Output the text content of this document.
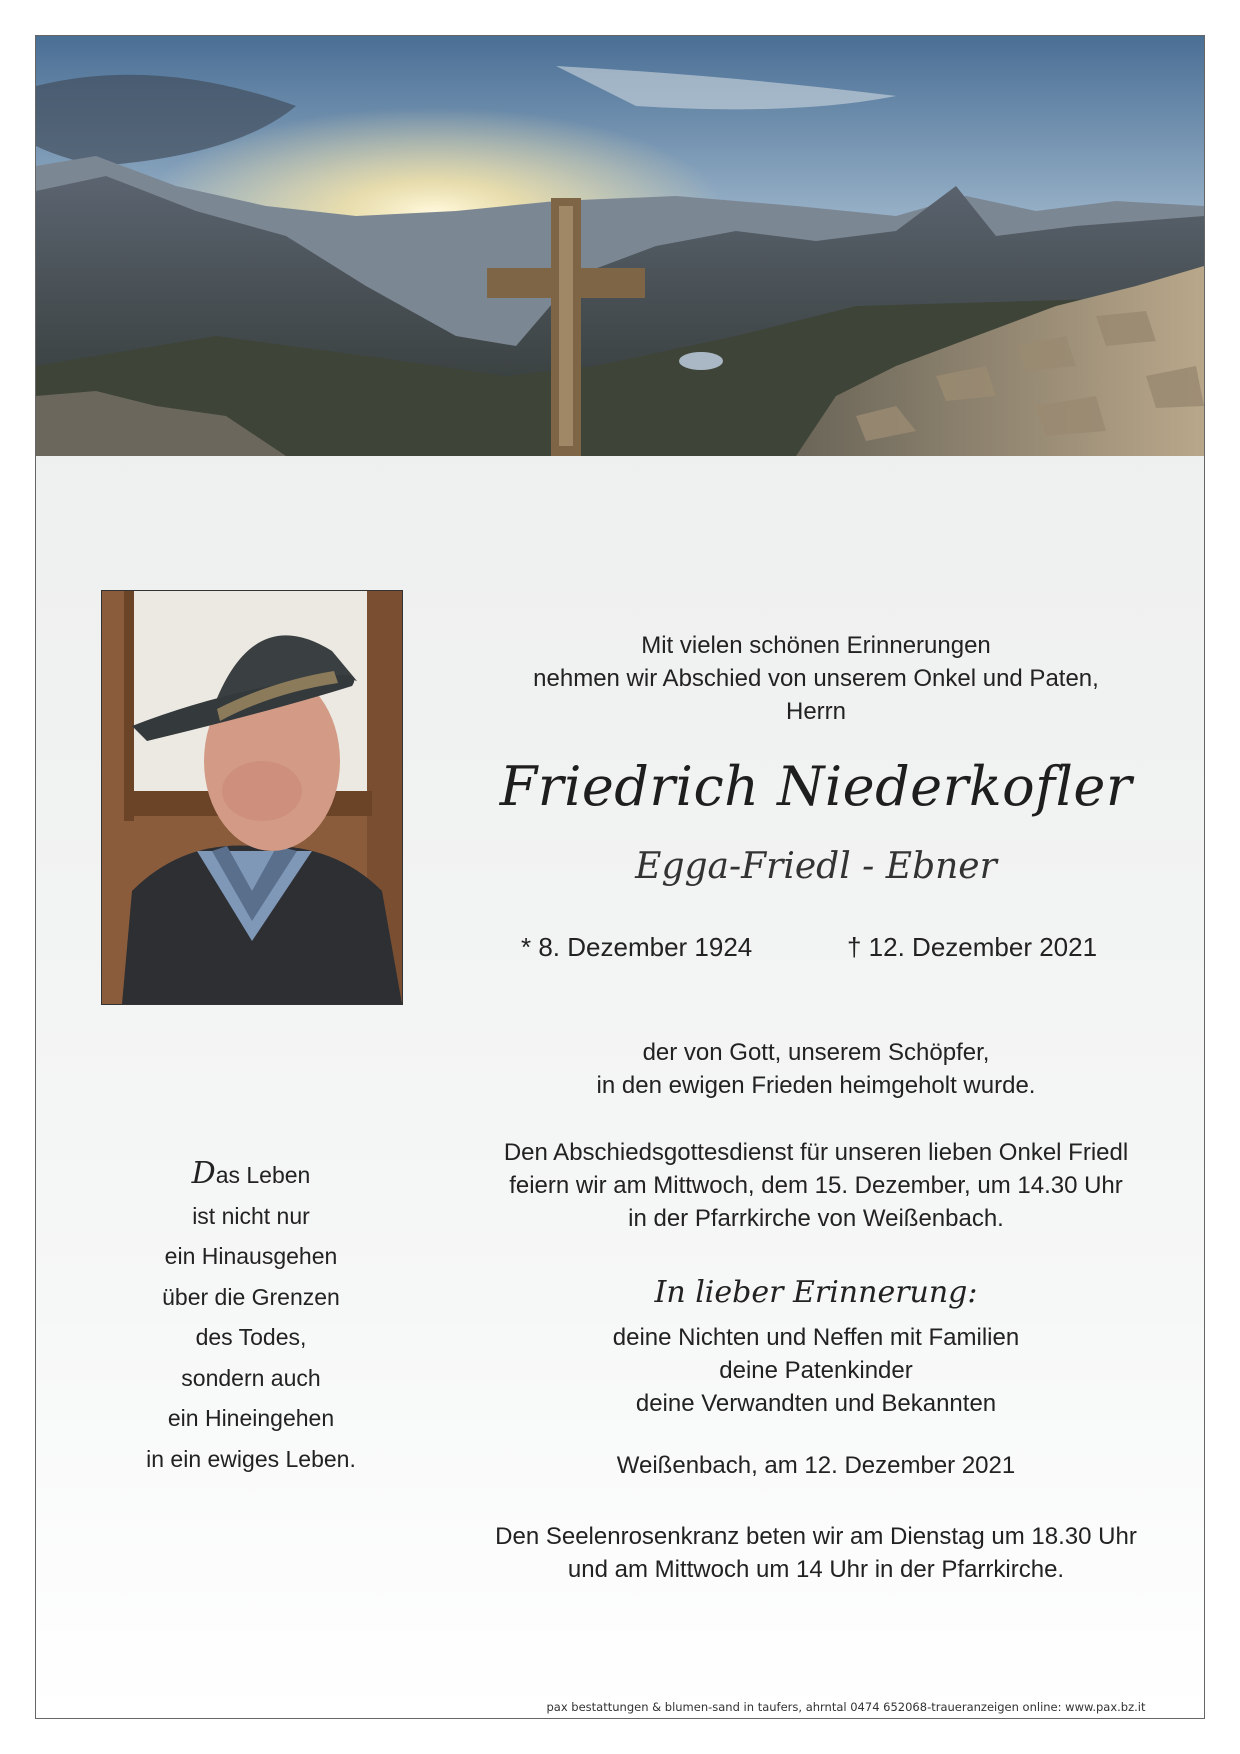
Mit vielen schönen Erinnerungen
nehmen wir Abschied von unserem Onkel und Paten,
Herrn
Friedrich Niederkofler
Egga-Friedl - Ebner
* 8. Dezember 1924	† 12. Dezember 2021
der von Gott, unserem Schöpfer,
in den ewigen Frieden heimgeholt wurde.
Den Abschiedsgottesdienst für unseren lieben Onkel Friedl
feiern wir am Mittwoch, dem 15. Dezember, um 14.30 Uhr
in der Pfarrkirche von Weißenbach.
In lieber Erinnerung:
deine Nichten und Neffen mit Familien
deine Patenkinder
deine Verwandten und Bekannten
Weißenbach, am 12. Dezember 2021
Den Seelenrosenkranz beten wir am Dienstag um 18.30 Uhr
und am Mittwoch um 14 Uhr in der Pfarrkirche.
Das Leben
ist nicht nur
ein Hinausgehen
über die Grenzen
des Todes,
sondern auch
ein Hineingehen
in ein ewiges Leben.
pax bestattungen & blumen-sand in taufers, ahrntal 0474 652068-traueranzeigen online: www.pax.bz.it
